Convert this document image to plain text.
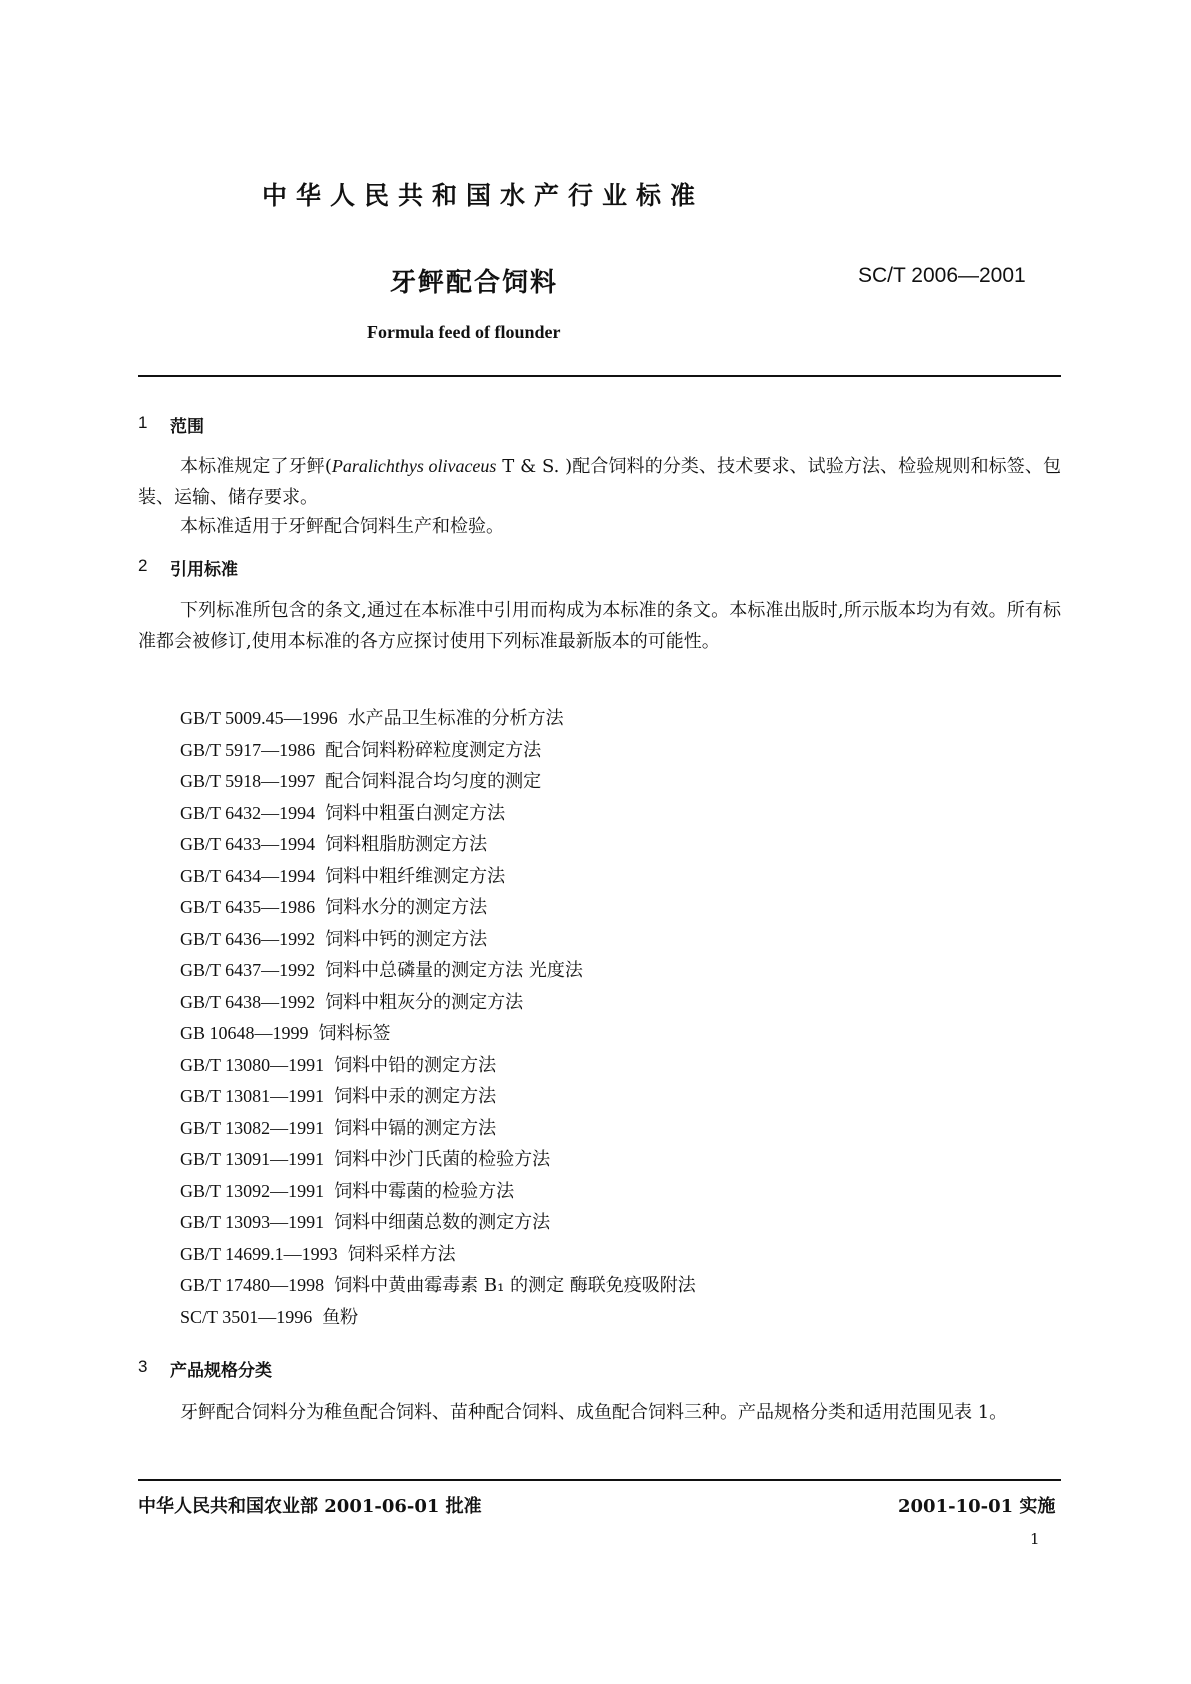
中华人民共和国水产行业标准
牙鲆配合饲料	SC/T 2006—2001
Formula feed of flounder
1 范围
本标准规定了牙鲆(Paralichthys olivaceus T & S. )配合饲料的分类、技术要求、试验方法、检验规则和标签、包装、运输、储存要求。
本标准适用于牙鲆配合饲料生产和检验。
2 引用标准
下列标准所包含的条文,通过在本标准中引用而构成为本标准的条文。本标准出版时,所示版本均为有效。所有标准都会被修订,使用本标准的各方应探讨使用下列标准最新版本的可能性。
GB/T 5009.45—1996 水产品卫生标准的分析方法
GB/T 5917—1986 配合饲料粉碎粒度测定方法
GB/T 5918—1997 配合饲料混合均匀度的测定
GB/T 6432—1994 饲料中粗蛋白测定方法
GB/T 6433—1994 饲料粗脂肪测定方法
GB/T 6434—1994 饲料中粗纤维测定方法
GB/T 6435—1986 饲料水分的测定方法
GB/T 6436—1992 饲料中钙的测定方法
GB/T 6437—1992 饲料中总磷量的测定方法 光度法
GB/T 6438—1992 饲料中粗灰分的测定方法
GB 10648—1999 饲料标签
GB/T 13080—1991 饲料中铅的测定方法
GB/T 13081—1991 饲料中汞的测定方法
GB/T 13082—1991 饲料中镉的测定方法
GB/T 13091—1991 饲料中沙门氏菌的检验方法
GB/T 13092—1991 饲料中霉菌的检验方法
GB/T 13093—1991 饲料中细菌总数的测定方法
GB/T 14699.1—1993 饲料采样方法
GB/T 17480—1998 饲料中黄曲霉毒素 B₁ 的测定 酶联免疫吸附法
SC/T 3501—1996 鱼粉
3 产品规格分类
牙鲆配合饲料分为稚鱼配合饲料、苗种配合饲料、成鱼配合饲料三种。产品规格分类和适用范围见表 1。
中华人民共和国农业部 2001-06-01 批准	2001-10-01 实施
1
